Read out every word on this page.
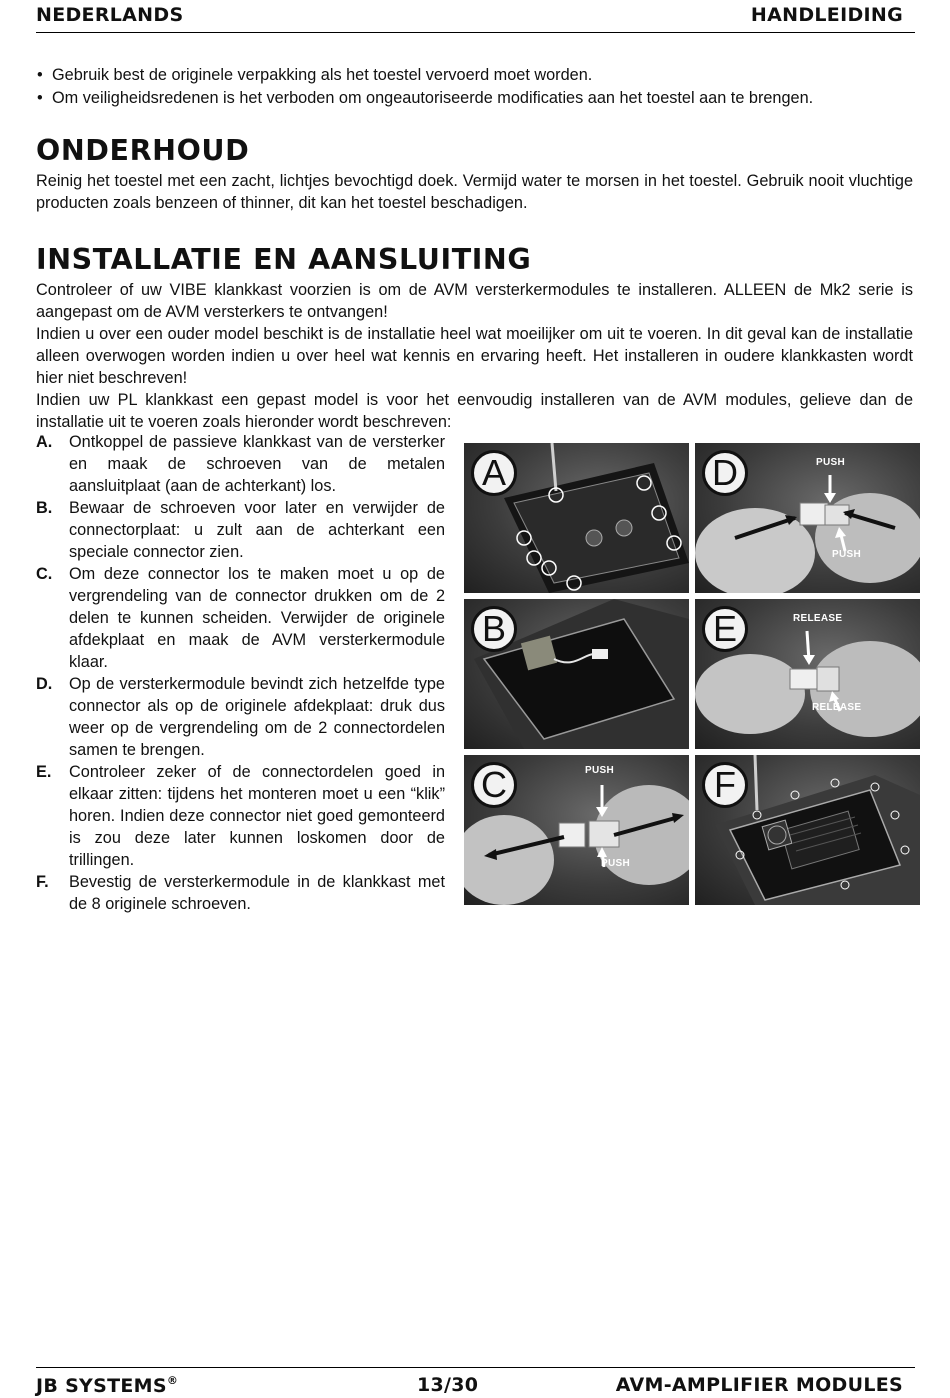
NEDERLANDS	HANDLEIDING
• Gebruik best de originele verpakking als het toestel vervoerd moet worden.
• Om veiligheidsredenen is het verboden om ongeautoriseerde modificaties aan het toestel aan te brengen.
ONDERHOUD

Reinig het toestel met een zacht, lichtjes bevochtigd doek. Vermijd water te morsen in het toestel. Gebruik nooit vluchtige producten zoals benzeen of thinner, dit kan het toestel beschadigen.

INSTALLATIE EN AANSLUITING

Controleer of uw VIBE klankkast voorzien is om de AVM versterkermodules te installeren. ALLEEN de Mk2 serie is aangepast om de AVM versterkers te ontvangen!

Indien u over een ouder model beschikt is de installatie heel wat moeilijker om uit te voeren. In dit geval kan de installatie alleen overwogen worden indien u over heel wat kennis en ervaring heeft. Het installeren in oudere klankkasten wordt hier niet beschreven!

Indien uw PL klankkast een gepast model is voor het eenvoudig installeren van de AVM modules, gelieve dan de installatie uit te voeren zoals hieronder wordt beschreven:

A. Ontkoppel de passieve klankkast van de versterker en maak de schroeven van de metalen aansluitplaat (aan de achterkant) los.
B. Bewaar de schroeven voor later en verwijder de connectorplaat: u zult aan de achterkant een speciale connector zien.
C. Om deze connector los te maken moet u op de vergrendeling van de connector drukken om de 2 delen te kunnen scheiden. Verwijder de originele afdekplaat en maak de AVM versterkermodule klaar.
D. Op de versterkermodule bevindt zich hetzelfde type connector als op de originele afdekplaat: druk dus weer op de vergrendeling om de 2 connectordelen samen te brengen.
E. Controleer zeker of de connectordelen goed in elkaar zitten: tijdens het monteren moet u een “klik” horen. Indien deze connector niet goed gemonteerd is zou deze later kunnen loskomen door de trillingen.
F. Bevestig de versterkermodule in de klankkast met de 8 originele schroeven.
A	D	PUSH
PUSH
B	E	RELEASE
RELEASE
C	PUSH
PUSH
F
JB SYSTEMS®	13/30	AVM-AMPLIFIER MODULES
